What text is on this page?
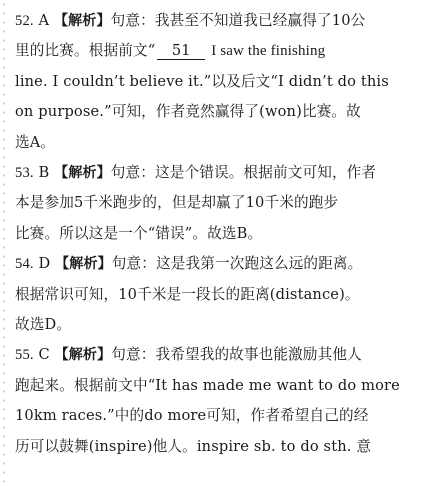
52. A 【解析】句意：我甚至不知道我已经赢得了10公
里的比赛。根据前文“ 51 I saw the finishing
line. I couldn’t believe it.”以及后文“I didn’t do this
on purpose.”可知，作者竟然赢得了(won)比赛。故
选A。
53. B 【解析】句意：这是个错误。根据前文可知，作者
本是参加5千米跑步的，但是却赢了10千米的跑步
比赛。所以这是一个“错误”。故选B。
54. D 【解析】句意：这是我第一次跑这么远的距离。
根据常识可知，10千米是一段长的距离(distance)。
故选D。
55. C 【解析】句意：我希望我的故事也能激励其他人
跑起来。根据前文中“It has made me want to do more
10km races.”中的do more可知，作者希望自己的经
历可以鼓舞(inspire)他人。inspire sb. to do sth. 意
